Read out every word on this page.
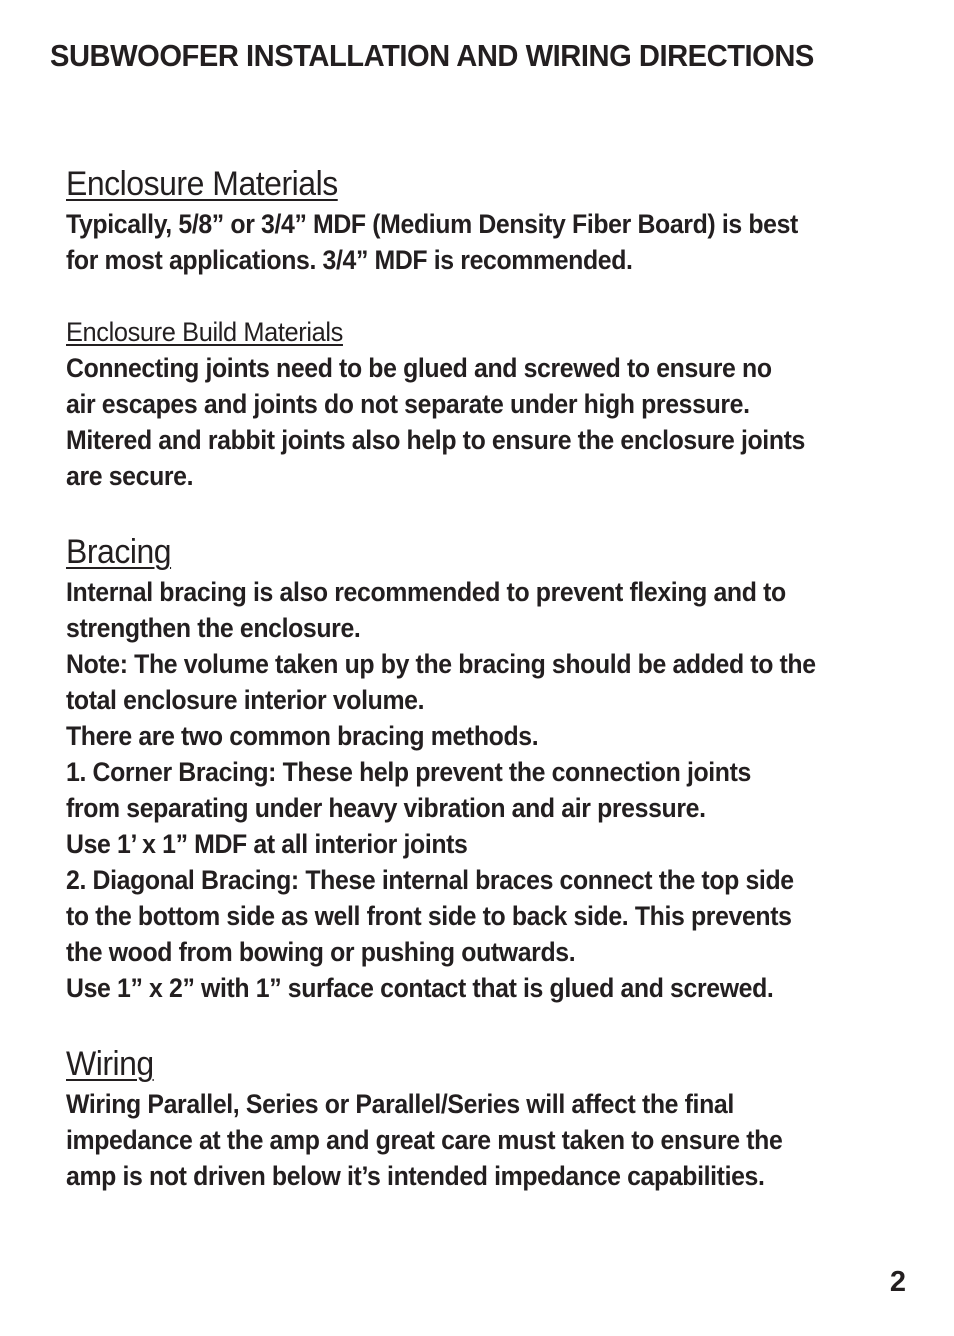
SUBWOOFER INSTALLATION AND WIRING DIRECTIONS
Enclosure Materials

Typically, 5/8” or 3/4” MDF (Medium Density Fiber Board) is best

for most applications. 3/4” MDF is recommended.

Enclosure Build Materials

Connecting joints need to be glued and screwed to ensure no

air escapes and joints do not separate under high pressure.

Mitered and rabbit joints also help to ensure the enclosure joints

are secure.

Bracing

Internal bracing is also recommended to prevent flexing and to

strengthen the enclosure.

Note: The volume taken up by the bracing should be added to the

total enclosure interior volume.

There are two common bracing methods.

1. Corner Bracing: These help prevent the connection joints

from separating under heavy vibration and air pressure.

Use 1’ x 1” MDF at all interior joints

2. Diagonal Bracing: These internal braces connect the top side

to the bottom side as well front side to back side. This prevents

the wood from bowing or pushing outwards.

Use 1” x 2” with 1” surface contact that is glued and screwed.

Wiring

Wiring Parallel, Series or Parallel/Series will affect the final

impedance at the amp and great care must taken to ensure the

amp is not driven below it’s intended impedance capabilities.

2
